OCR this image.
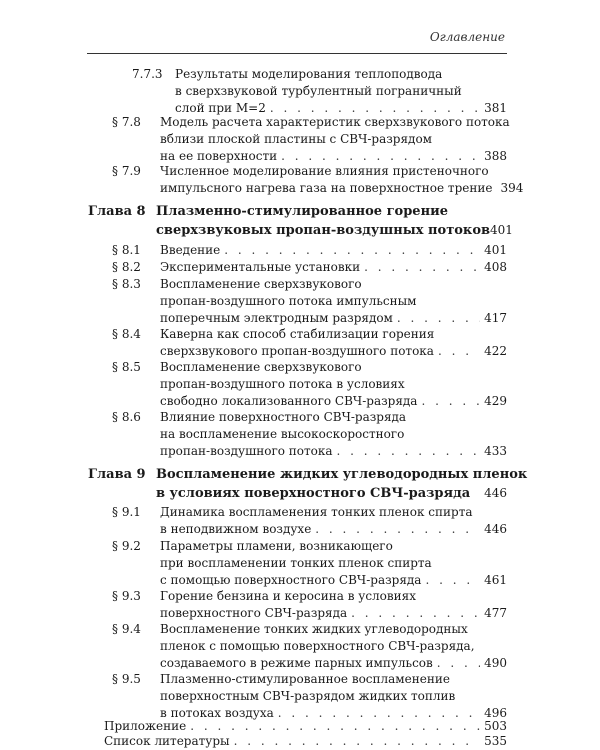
Оглавление
7.7.3 Результаты моделирования теплоподвода
в сверхзвуковой турбулентный пограничный
слой при M=2 . . .	381
§ 7.8 Модель расчета характеристик сверхзвукового потока
вблизи плоской пластины с СВЧ-разрядом
на ее поверхности . . .	388
§ 7.9 Численное моделирование влияния пристеночного
импульсного нагрева газа на поверхностное трение 394
Глава 8 Плазменно-стимулированное горение
сверхзвуковых пропан-воздушных потоков 401
§ 8.1 Введение . . .	401
§ 8.2 Экспериментальные установки . . .	408
§ 8.3 Воспламенение сверхзвукового
пропан-воздушного потока импульсным
поперечным электродным разрядом . . .	417
§ 8.4 Каверна как способ стабилизации горения
сверхзвукового пропан-воздушного потока . . .	422
§ 8.5 Воспламенение сверхзвукового
пропан-воздушного потока в условиях
свободно локализованного СВЧ-разряда . . .	429
§ 8.6 Влияние поверхностного СВЧ-разряда
на воспламенение высокоскоростного
пропан-воздушного потока . . .	433
Глава 9 Воспламенение жидких углеводородных пленок
в условиях поверхностного СВЧ-разряда 446
§ 9.1 Динамика воспламенения тонких пленок спирта
в неподвижном воздухе . . .	446
§ 9.2 Параметры пламени, возникающего
при воспламенении тонких пленок спирта
с помощью поверхностного СВЧ-разряда . . .	461
§ 9.3 Горение бензина и керосина в условиях
поверхностного СВЧ-разряда . . .	477
§ 9.4 Воспламенение тонких жидких углеводородных
пленок с помощью поверхностного СВЧ-разряда,
создаваемого в режиме парных импульсов . . .	490
§ 9.5 Плазменно-стимулированное воспламенение
поверхностным СВЧ-разрядом жидких топлив
в потоках воздуха . . .	496
Приложение . . .	503
Список литературы . . .	535
